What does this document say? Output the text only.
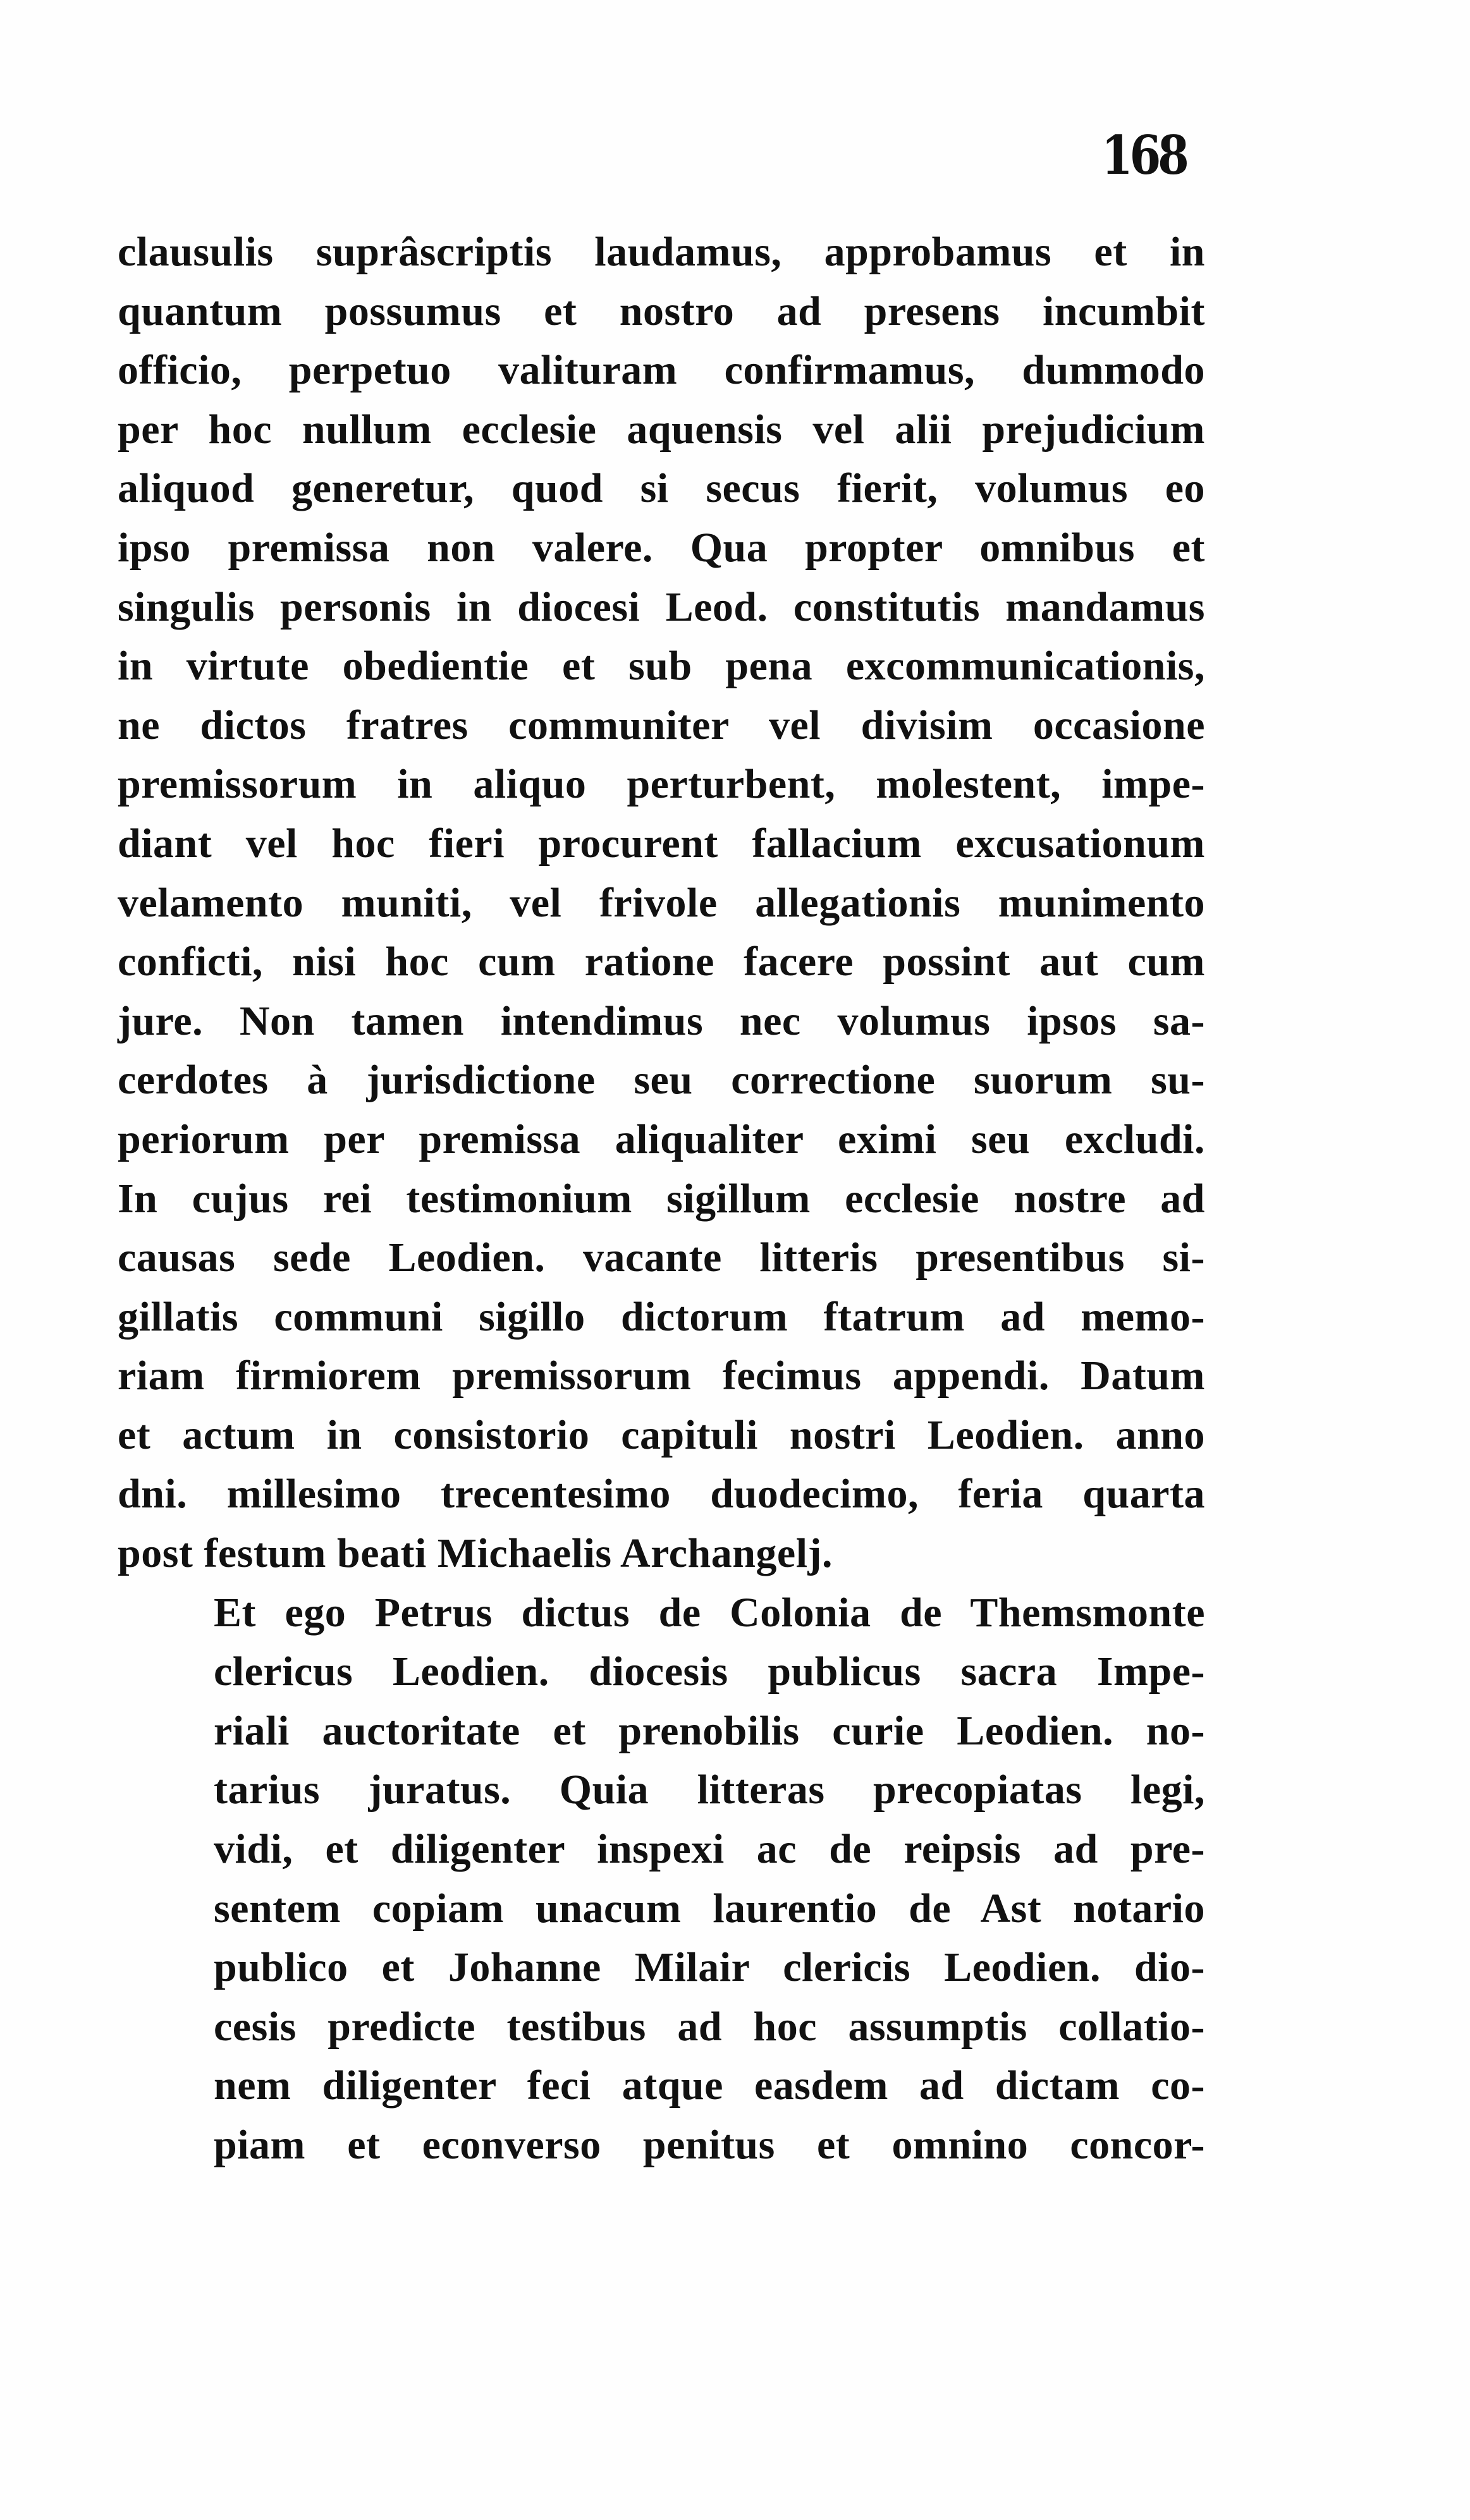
168
clausulis suprâscriptis laudamus, approbamus et in
quantum possumus et nostro ad presens incumbit
officio, perpetuo valituram confirmamus, dummodo
per hoc nullum ecclesie aquensis vel alii prejudicium
aliquod generetur, quod si secus fierit, volumus eo
ipso premissa non valere. Qua propter omnibus et
singulis personis in diocesi Leod. constitutis mandamus
in virtute obedientie et sub pena excommunicationis,
ne dictos fratres communiter vel divisim occasione
premissorum in aliquo perturbent, molestent, impe-
diant vel hoc fieri procurent fallacium excusationum
velamento muniti, vel frivole allegationis munimento
conficti, nisi hoc cum ratione facere possint aut cum
jure. Non tamen intendimus nec volumus ipsos sa-
cerdotes à jurisdictione seu correctione suorum su-
periorum per premissa aliqualiter eximi seu excludi.
In cujus rei testimonium sigillum ecclesie nostre ad
causas sede Leodien. vacante litteris presentibus si-
gillatis communi sigillo dictorum ftatrum ad memo-
riam firmiorem premissorum fecimus appendi. Datum
et actum in consistorio capituli nostri Leodien. anno
dni. millesimo trecentesimo duodecimo, feria quarta
post festum beati Michaelis Archangelj.
Et ego Petrus dictus de Colonia de Themsmonte
clericus Leodien. diocesis publicus sacra Impe-
riali auctoritate et prenobilis curie Leodien. no-
tarius juratus. Quia litteras precopiatas legi,
vidi, et diligenter inspexi ac de reipsis ad pre-
sentem copiam unacum laurentio de Ast notario
publico et Johanne Milair clericis Leodien. dio-
cesis predicte testibus ad hoc assumptis collatio-
nem diligenter feci atque easdem ad dictam co-
piam et econverso penitus et omnino concor-
